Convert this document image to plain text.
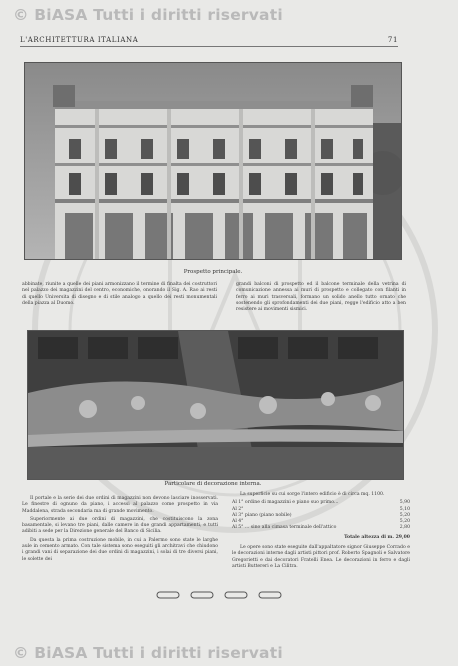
© BiASA Tutti i diritti riservati
L'ARCHITETTURA ITALIANA	71
Prospetto principale.
abbinate, riunite a quelle dei piani armonizzano il termine di finalta dei costruttori nel palazzo dei magazzini del centro, economiche, onorando il Sig. A. Rao ai resti di quello Universita di disegno e di stile analogo a quello dei resti monumentali della piazza al Duomo.
grandi balconi di prospetto ed il balcone terminale della vetrina di comunicazione annessa ai muri di prospetto e collegato con filanti in ferro ai muri trasversali, formano un solido anello tutto ornato che sostenendo gli sprofondamenti dei due piani, regge l'edificio atto a ben resistere ai movimenti sismici.
Particolare di decorazione interna.

Il portale e la serie dei due ordini di magazzini non devono lasciare inosservati. Le finestre di ognuno da piano, i accessi al palazzo come prospetto in via Maddalena, strada secondaria ma di grande movimento.

Superiormente ai due ordini di magazzini, che costituiscono la zona basamentale, si levano tre piani, dalle camere in due grandi appartamenti, e tutti adibiti a sede per la Direzione generale del Banco di Sicilia.

Da questa la prima costruzione mobile, in cui a Palermo sono state le larghe aule in cemento armato. Con tale sistema sono eseguiti gli architravi che chiudono i grandi vani di separazione dei due ordini di magazzini, i solai di tre diversi piani, le solette dei

La superficie su cui sorge l'intero edificio è di circa mq. 1100.

Al 1° ordine di magazzini e piano suo primo...	5,90
Al 2°	5,10
Al 3° piano (piano nobile)	5,20
Al 4°	5,20
Al 5° ... sino alla cimasa terminale dell'attico	2,80
Totale altezza di m. 29,00

Le opere sono state eseguite dall'appaltatore signor Giuseppe Corrado e le decorazioni interne dagli artisti pittori prof. Roberto Spagnoli e Salvatore Gregorietti e dai decoratori Fratelli Enea. Le decorazioni in ferro e dagli artisti Buttereri e La Cilitra.

© BiASA Tutti i diritti riservati
